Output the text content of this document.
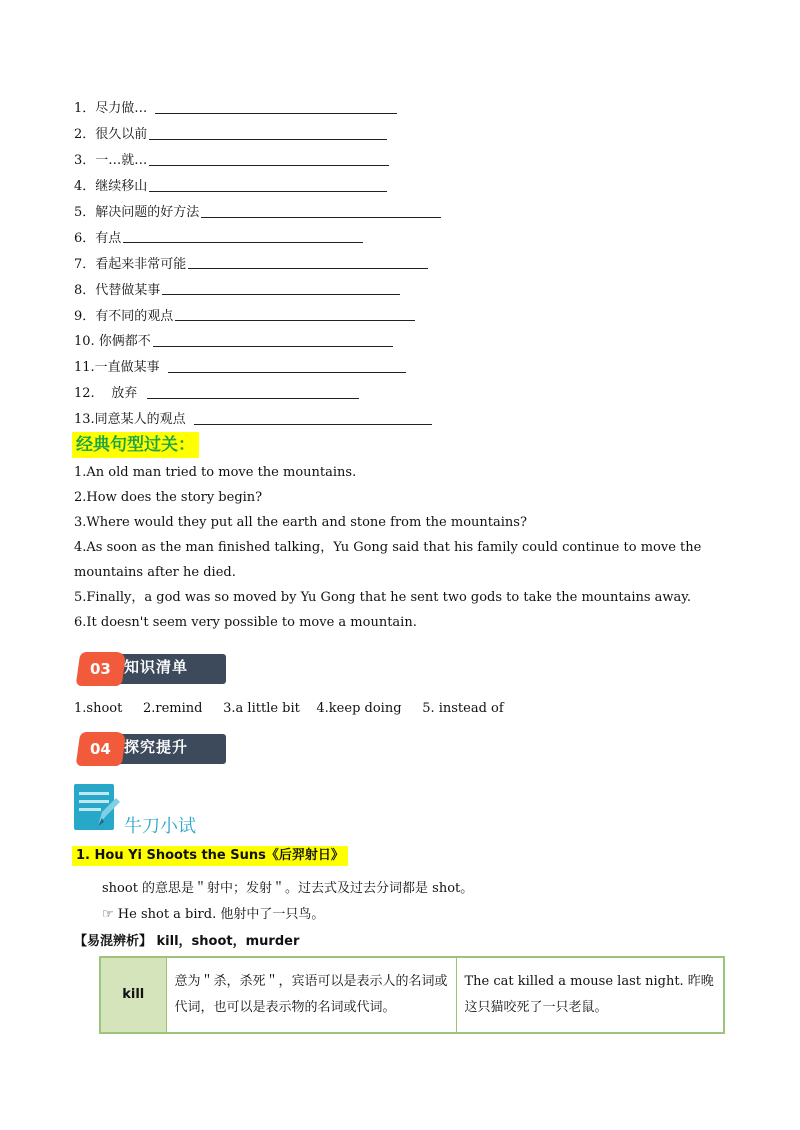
1．尽力做…
2．很久以前
3．一…就…
4．继续移山
5．解决问题的好方法
6．有点
7．看起来非常可能
8．代替做某事
9．有不同的观点
10. 你俩都不
11.一直做某事
12.    放弃
13.同意某人的观点
经典句型过关：
1.An old man tried to move the mountains.
2.How does the story begin?
3.Where would they put all the earth and stone from the mountains?
4.As soon as the man finished talking，Yu Gong said that his family could continue to move the mountains after he died.
5.Finally，a god was so moved by Yu Gong that he sent two gods to take the mountains away.
6.It doesn't seem very possible to move a mountain.
知识清单
03
1.shoot     2.remind     3.a little bit    4.keep doing     5. instead of
探究提升
04
牛刀小试
1. Hou Yi Shoots the Suns《后羿射日》
shoot 的意思是＂射中；发射＂。过去式及过去分词都是 shot。
☞ He shot a bird. 他射中了一只鸟。
【易混辨析】 kill，shoot，murder
kill	意为＂杀，杀死＂，宾语可以是表示人的名词或代词，也可以是表示物的名词或代词。	The cat killed a mouse last night. 昨晚这只猫咬死了一只老鼠。
